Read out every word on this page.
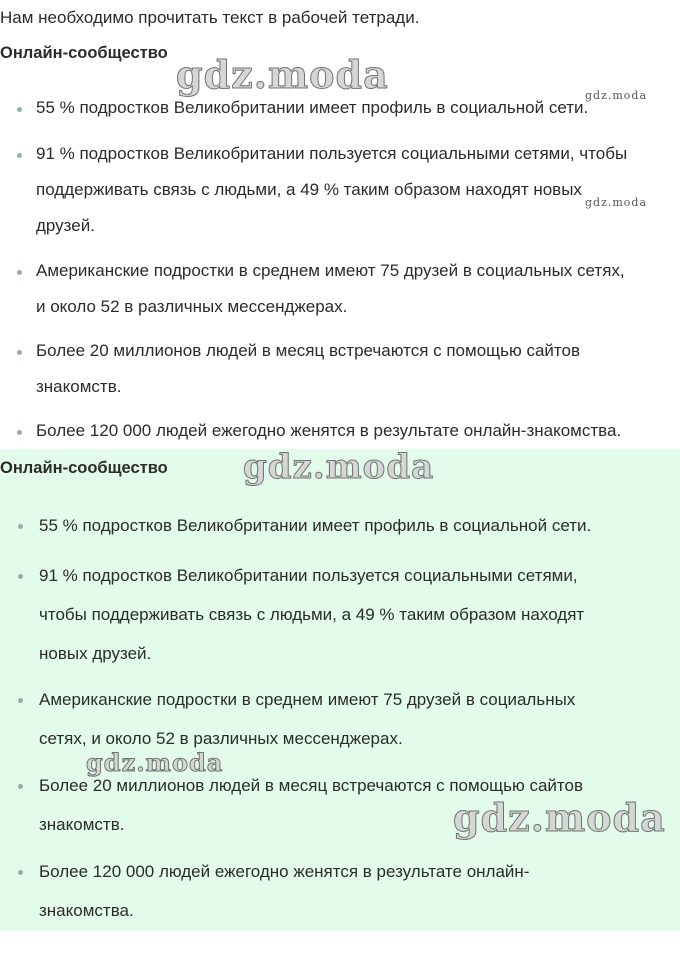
Нам необходимо прочитать текст в рабочей тетради.
Онлайн-сообщество
55 % подростков Великобритании имеет профиль в социальной сети.
91 % подростков Великобритании пользуется социальными сетями, чтобы
поддерживать связь с людьми, а 49 % таким образом находят новых
друзей.
Американские подростки в среднем имеют 75 друзей в социальных сетях,
и около 52 в различных мессенджерах.
Более 20 миллионов людей в месяц встречаются с помощью сайтов
знакомств.
Более 120 000 людей ежегодно женятся в результате онлайн-знакомства.
Онлайн-сообщество
55 % подростков Великобритании имеет профиль в социальной сети.
91 % подростков Великобритании пользуется социальными сетями,
чтобы поддерживать связь с людьми, а 49 % таким образом находят
новых друзей.
Американские подростки в среднем имеют 75 друзей в социальных
сетях, и около 52 в различных мессенджерах.
Более 20 миллионов людей в месяц встречаются с помощью сайтов
знакомств.
Более 120 000 людей ежегодно женятся в результате онлайн-
знакомства.
gdz.moda	gdz.moda
gdz.moda
gdz.moda
gdz.moda
gdz.moda
